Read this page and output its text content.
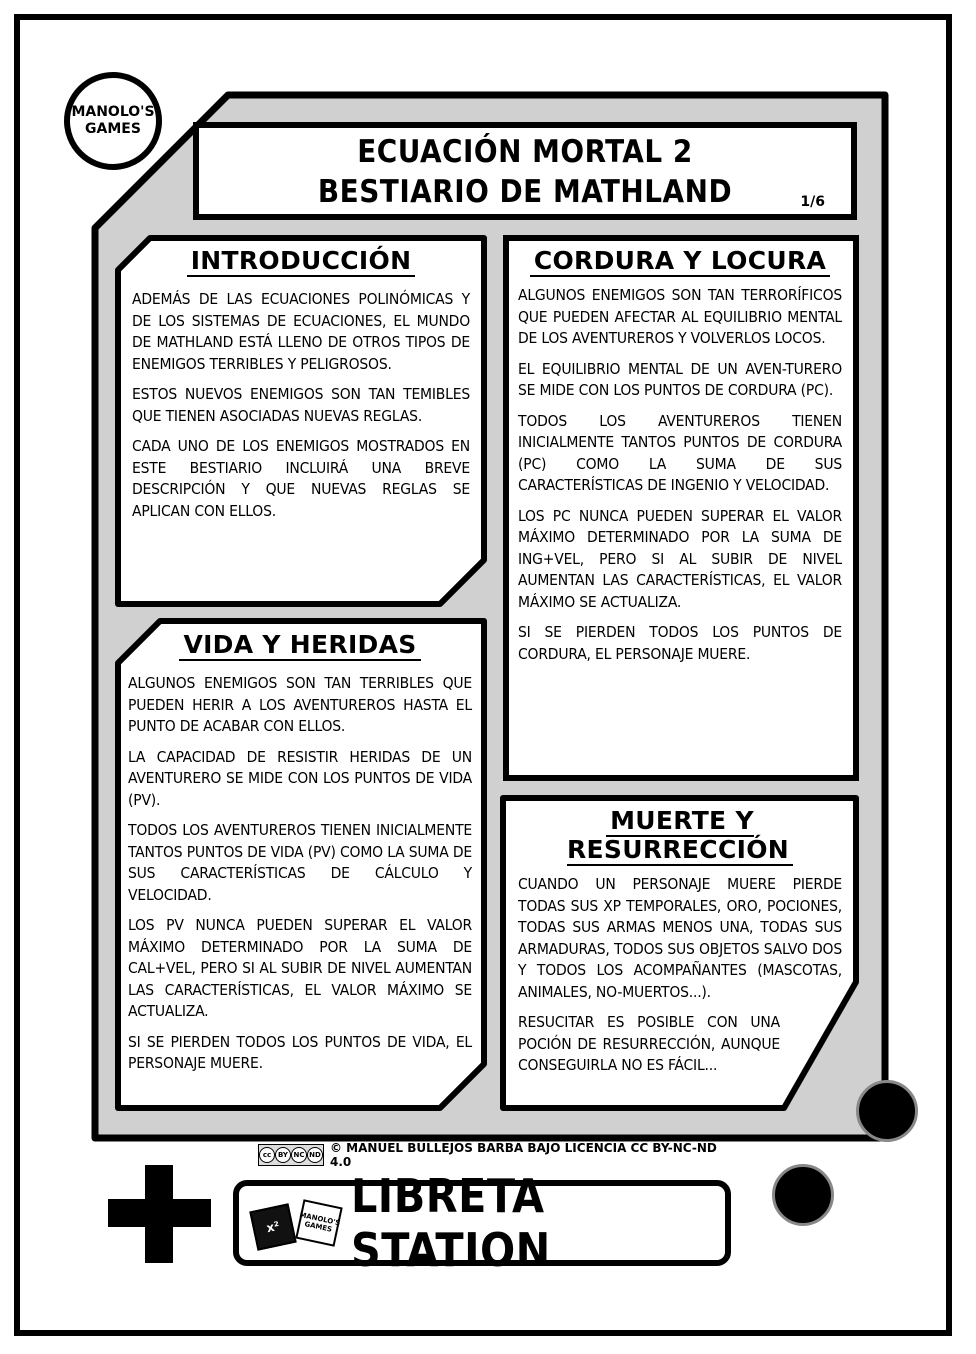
MANOLO'S
GAMES
ECUACIÓN MORTAL 2
BESTIARIO DE MATHLAND	1/6
INTRODUCCIÓN

ADEMÁS DE LAS ECUACIONES POLINÓMICAS Y DE LOS SISTEMAS DE ECUACIONES, EL MUNDO DE MATHLAND ESTÁ LLENO DE OTROS TIPOS DE ENEMIGOS TERRIBLES Y PELIGROSOS.

ESTOS NUEVOS ENEMIGOS SON TAN TEMIBLES QUE TIENEN ASOCIADAS NUEVAS REGLAS.

CADA UNO DE LOS ENEMIGOS MOSTRADOS EN ESTE BESTIARIO INCLUIRÁ UNA BREVE DESCRIPCIÓN Y QUE NUEVAS REGLAS SE APLICAN CON ELLOS.

VIDA Y HERIDAS

ALGUNOS ENEMIGOS SON TAN TERRIBLES QUE PUEDEN HERIR A LOS AVENTUREROS HASTA EL PUNTO DE ACABAR CON ELLOS.

LA CAPACIDAD DE RESISTIR HERIDAS DE UN AVENTURERO SE MIDE CON LOS PUNTOS DE VIDA (PV).

TODOS LOS AVENTUREROS TIENEN INICIALMENTE TANTOS PUNTOS DE VIDA (PV) COMO LA SUMA DE SUS CARACTERÍSTICAS DE CÁLCULO Y VELOCIDAD.

LOS PV NUNCA PUEDEN SUPERAR EL VALOR MÁXIMO DETERMINADO POR LA SUMA DE CAL+VEL, PERO SI AL SUBIR DE NIVEL AUMENTAN LAS CARACTERÍSTICAS, EL VALOR MÁXIMO SE ACTUALIZA.

SI SE PIERDEN TODOS LOS PUNTOS DE VIDA, EL PERSONAJE MUERE.

CORDURA Y LOCURA

ALGUNOS ENEMIGOS SON TAN TERRORÍFICOS QUE PUEDEN AFECTAR AL EQUILIBRIO MENTAL DE LOS AVENTUREROS Y VOLVERLOS LOCOS.

EL EQUILIBRIO MENTAL DE UN AVEN-TURERO SE MIDE CON LOS PUNTOS DE CORDURA (PC).

TODOS LOS AVENTUREROS TIENEN INICIALMENTE TANTOS PUNTOS DE CORDURA (PC) COMO LA SUMA DE SUS CARACTERÍSTICAS DE INGENIO Y VELOCIDAD.

LOS PC NUNCA PUEDEN SUPERAR EL VALOR MÁXIMO DETERMINADO POR LA SUMA DE ING+VEL, PERO SI AL SUBIR DE NIVEL AUMENTAN LAS CARACTERÍSTICAS, EL VALOR MÁXIMO SE ACTUALIZA.

SI SE PIERDEN TODOS LOS PUNTOS DE CORDURA, EL PERSONAJE MUERE.

MUERTE Y RESURRECCIÓN

CUANDO UN PERSONAJE MUERE PIERDE TODAS SUS XP TEMPORALES, ORO, POCIONES, TODAS SUS ARMAS MENOS UNA, TODAS SUS ARMADURAS, TODOS SUS OBJETOS SALVO DOS Y TODOS LOS ACOMPAÑANTES (MASCOTAS, ANIMALES, NO-MUERTOS...).

RESUCITAR ES POSIBLE CON UNA POCIÓN DE RESURRECCIÓN, AUNQUE CONSEGUIRLA NO ES FÁCIL...

cc BY NC ND © MANUEL BULLEJOS BARBA BAJO LICENCIA CC BY-NC-ND 4.0
x²	MANOLO'S GAMES
LIBRETA STATION
